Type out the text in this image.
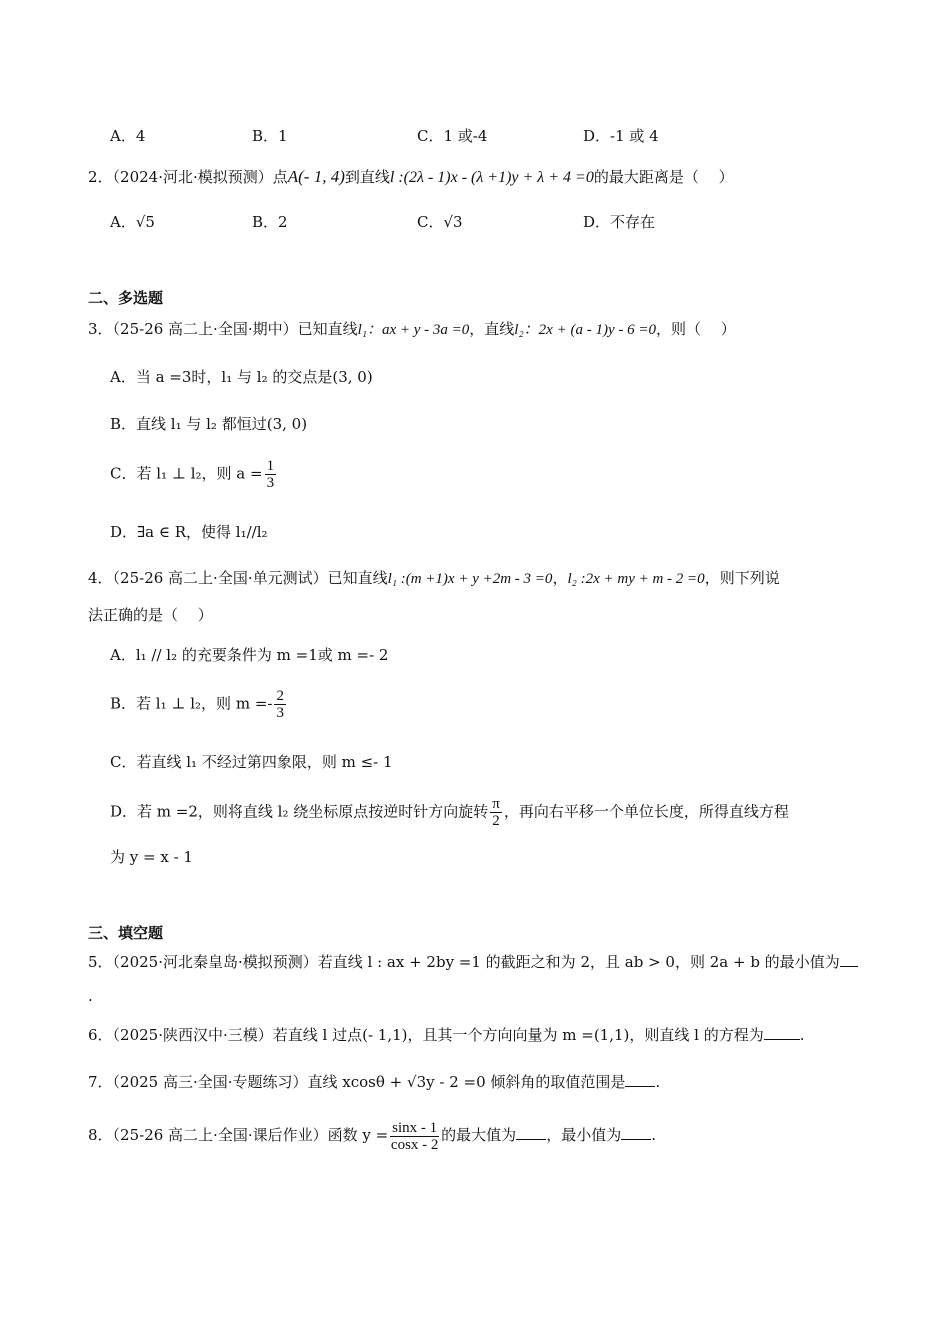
A．4	B．1	C．1 或-4	D．-1 或 4
2．（2024·河北·模拟预测）点A(- 1, 4)到直线l :(2λ - 1)x - (λ +1)y + λ + 4 =0的最大距离是（　 ）
A．√5	B．2	C．√3	D．不存在
二、多选题
3．（25-26 高二上·全国·期中）已知直线l₁：ax + y - 3a =0，直线l₂：2x + (a - 1)y - 6 =0，则（　 ）
A．当 a =3时，l₁ 与 l₂ 的交点是(3, 0)
B．直线 l₁ 与 l₂ 都恒过(3, 0)
C．若 l₁ ⊥ l₂，则 $a = \frac{1}{3}$
D．∃a ∈ R，使得 l₁//l₂
4．（25-26 高二上·全国·单元测试）已知直线l₁ :(m +1)x + y +2m - 3 =0，l₂ :2x + my + m - 2 =0，则下列说
法正确的是（　 ）
A．l₁ // l₂ 的充要条件为 m =1或 m =- 2
B．若 l₁ ⊥ l₂，则 $m =- \frac{2}{3}$
C．若直线 l₁ 不经过第四象限，则 m ≤- 1
D．若 m =2，则将直线 l₂ 绕坐标原点按逆时针方向旋转 $\frac{\pi}{2}$ ，再向右平移一个单位长度，所得直线方程
为 y = x - 1
三、填空题
5．（2025·河北秦皇岛·模拟预测）若直线 l : ax + 2by =1 的截距之和为 2，且 ab > 0，则 2a + b 的最小值为
.
6．（2025·陕西汉中·三模）若直线 l 过点(- 1,1)，且其一个方向向量为 m =(1,1)，则直线 l 的方程为 .
7．（2025 高三·全国·专题练习）直线 xcosθ + √3y - 2 =0 倾斜角的取值范围是 .
8．（25-26 高二上·全国·课后作业）函数 $y = \frac{\sin x - 1}{\cos x - 2}$ 的最大值为 ，最小值为 .
